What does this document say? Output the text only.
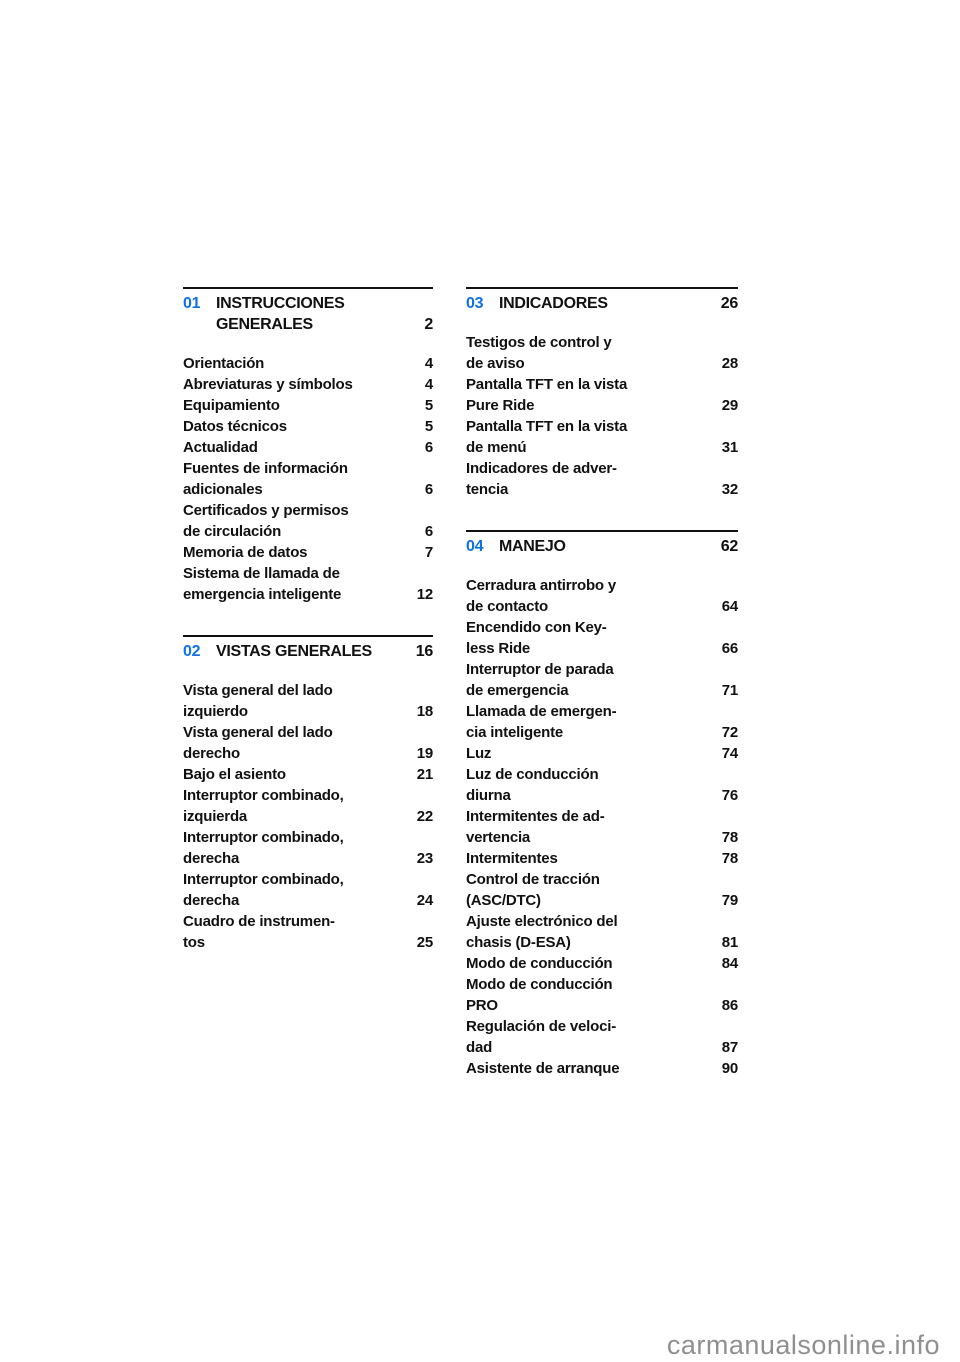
01 INSTRUCCIONES
GENERALES	2
Orientación	4
Abreviaturas y símbolos	4
Equipamiento	5
Datos técnicos	5
Actualidad	6
Fuentes de información
adicionales	6
Certificados y permisos
de circulación	6
Memoria de datos	7
Sistema de llamada de
emergencia inteligente	12
02 VISTAS GENERALES	16
Vista general del lado
izquierdo	18
Vista general del lado
derecho	19
Bajo el asiento	21
Interruptor combinado,
izquierda	22
Interruptor combinado,
derecha	23
Interruptor combinado,
derecha	24
Cuadro de instrumen-
tos	25
03 INDICADORES	26
Testigos de control y
de aviso	28
Pantalla TFT en la vista
Pure Ride	29
Pantalla TFT en la vista
de menú	31
Indicadores de adver-
tencia	32
04 MANEJO	62
Cerradura antirrobo y
de contacto	64
Encendido con Key-
less Ride	66
Interruptor de parada
de emergencia	71
Llamada de emergen-
cia inteligente	72
Luz	74
Luz de conducción
diurna	76
Intermitentes de ad-
vertencia	78
Intermitentes	78
Control de tracción
(ASC/DTC)	79
Ajuste electrónico del
chasis (D-ESA)	81
Modo de conducción	84
Modo de conducción
PRO	86
Regulación de veloci-
dad	87
Asistente de arranque	90
carmanualsonline.info
